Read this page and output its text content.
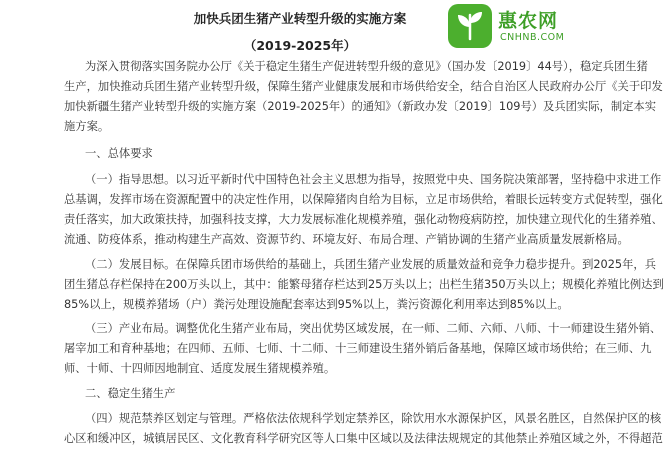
加快兵团生猪产业转型升级的实施方案
（2019-2025年）
为深入贯彻落实国务院办公厅《关于稳定生猪生产促进转型升级的意见》（国办发〔2019〕44号），稳定兵团生猪
生产，加快推动兵团生猪产业转型升级，保障生猪产业健康发展和市场供给安全，结合自治区人民政府办公厅《关于印发
加快新疆生猪产业转型升级的实施方案（2019-2025年）的通知》（新政办发〔2019〕109号）及兵团实际，制定本实
施方案。
一、总体要求
（一）指导思想。以习近平新时代中国特色社会主义思想为指导，按照党中央、国务院决策部署，坚持稳中求进工作
总基调，发挥市场在资源配置中的决定性作用，以保障猪肉自给为目标，立足市场供给，着眼长远转变方式促转型，强化
责任落实，加大政策扶持，加强科技支撑，大力发展标准化规模养殖，强化动物疫病防控，加快建立现代化的生猪养殖、
流通、防疫体系，推动构建生产高效、资源节约、环境友好、布局合理、产销协调的生猪产业高质量发展新格局。
（二）发展目标。在保障兵团市场供给的基础上，兵团生猪产业发展的质量效益和竞争力稳步提升。到2025年，兵
团生猪总存栏保持在200万头以上，其中：能繁母猪存栏达到25万头以上；出栏生猪350万头以上；规模化养殖比例达到
85%以上，规模养猪场（户）粪污处理设施配套率达到95%以上，粪污资源化利用率达到85%以上。
（三）产业布局。调整优化生猪产业布局，突出优势区域发展，在一师、二师、六师、八师、十一师建设生猪外销、
屠宰加工和育种基地；在四师、五师、七师、十二师、十三师建设生猪外销后备基地，保障区域市场供给；在三师、九
师、十师、十四师因地制宜、适度发展生猪规模养殖。
二、稳定生猪生产
（四）规范禁养区划定与管理。严格依法依规科学划定禁养区，除饮用水水源保护区，风景名胜区，自然保护区的核
心区和缓冲区，城镇居民区、文化教育科学研究区等人口集中区域以及法律法规规定的其他禁止养殖区域之外，不得超范
惠农网
CNHNB.COM
